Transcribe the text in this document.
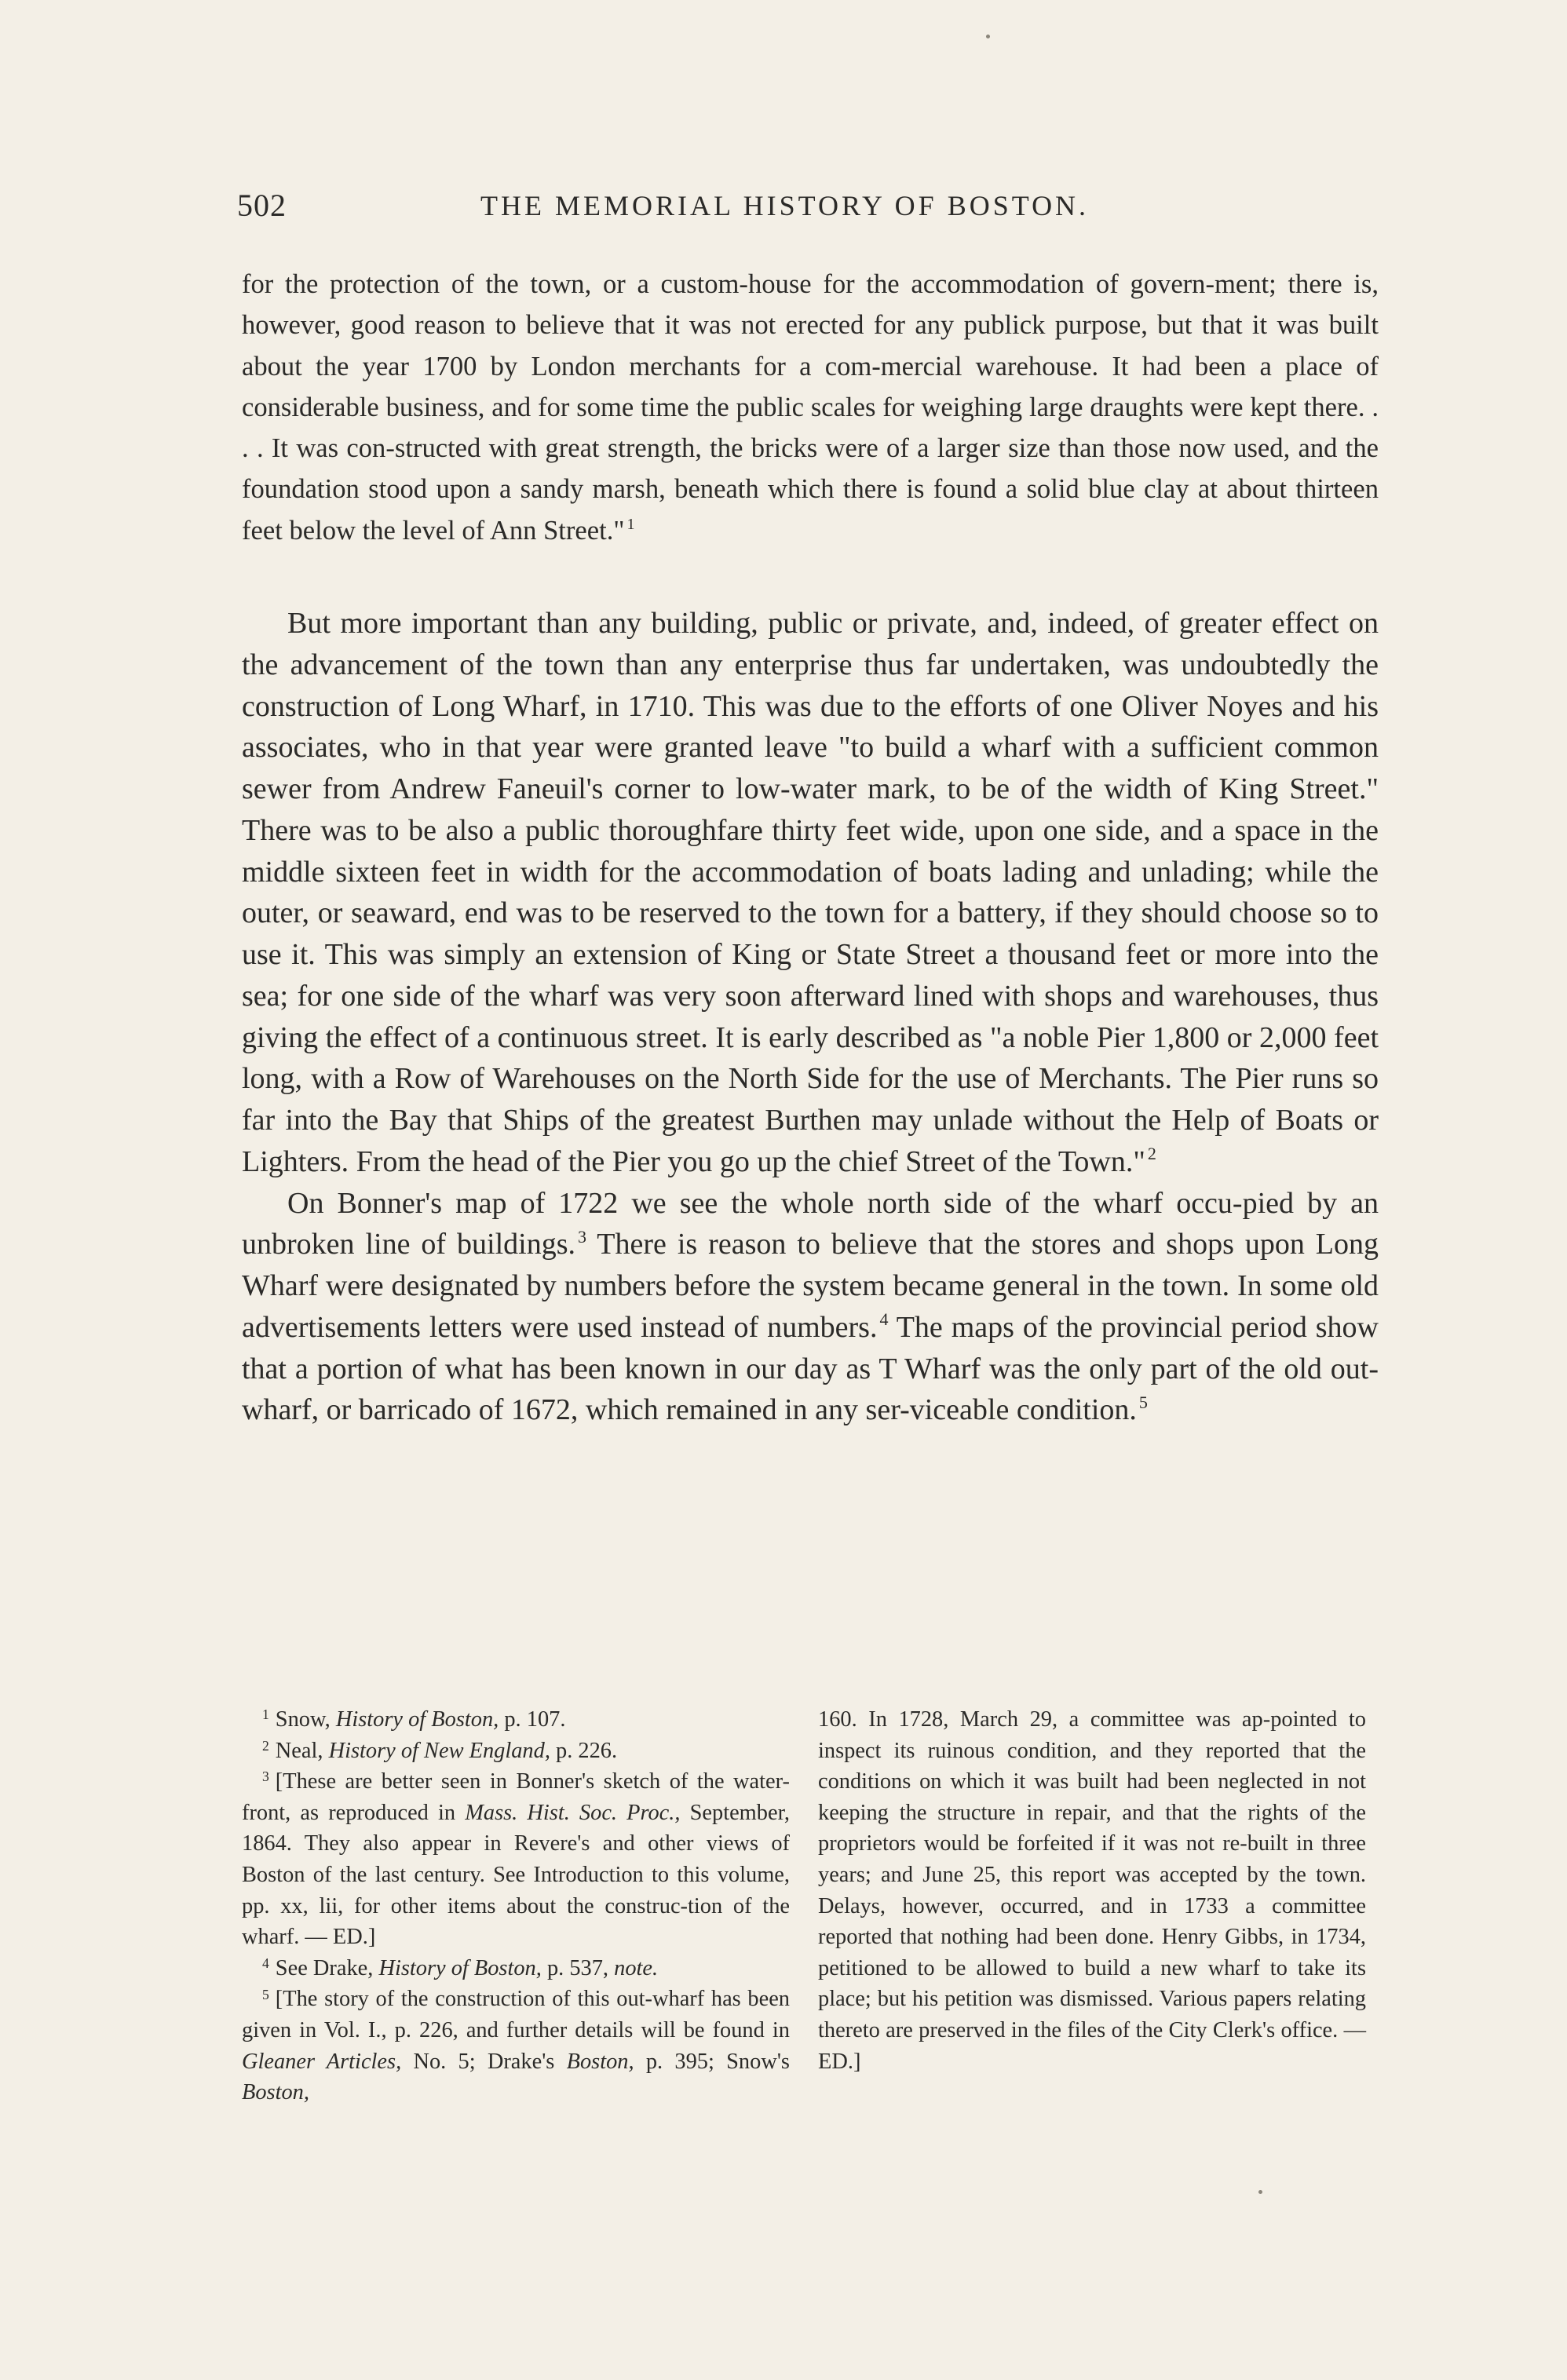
502	THE MEMORIAL HISTORY OF BOSTON.

for the protection of the town, or a custom-house for the accommodation of govern-ment; there is, however, good reason to believe that it was not erected for any publick purpose, but that it was built about the year 1700 by London merchants for a com-mercial warehouse. It had been a place of considerable business, and for some time the public scales for weighing large draughts were kept there. . . . It was con-structed with great strength, the bricks were of a larger size than those now used, and the foundation stood upon a sandy marsh, beneath which there is found a solid blue clay at about thirteen feet below the level of Ann Street." $^1$

But more important than any building, public or private, and, indeed, of greater effect on the advancement of the town than any enterprise thus far undertaken, was undoubtedly the construction of Long Wharf, in 1710. This was due to the efforts of one Oliver Noyes and his associates, who in that year were granted leave "to build a wharf with a sufficient common sewer from Andrew Faneuil's corner to low-water mark, to be of the width of King Street." There was to be also a public thoroughfare thirty feet wide, upon one side, and a space in the middle sixteen feet in width for the accommodation of boats lading and unlading; while the outer, or seaward, end was to be reserved to the town for a battery, if they should choose so to use it. This was simply an extension of King or State Street a thousand feet or more into the sea; for one side of the wharf was very soon afterward lined with shops and warehouses, thus giving the effect of a continuous street. It is early described as "a noble Pier 1,800 or 2,000 feet long, with a Row of Warehouses on the North Side for the use of Merchants. The Pier runs so far into the Bay that Ships of the greatest Burthen may unlade without the Help of Boats or Lighters. From the head of the Pier you go up the chief Street of the Town." $^2$

On Bonner's map of 1722 we see the whole north side of the wharf occu-pied by an unbroken line of buildings. $^3$ There is reason to believe that the stores and shops upon Long Wharf were designated by numbers before the system became general in the town. In some old advertisements letters were used instead of numbers. $^4$ The maps of the provincial period show that a portion of what has been known in our day as T Wharf was the only part of the old out-wharf, or barricado of 1672, which remained in any ser-viceable condition. $^5$

$^1$ Snow, History of Boston, p. 107.

$^2$ Neal, History of New England, p. 226.

$^3$ [These are better seen in Bonner's sketch of the water-front, as reproduced in Mass. Hist. Soc. Proc., September, 1864. They also appear in Revere's and other views of Boston of the last century. See Introduction to this volume, pp. xx, lii, for other items about the construc-tion of the wharf. — ED.]

$^4$ See Drake, History of Boston, p. 537, note.

$^5$ [The story of the construction of this out-wharf has been given in Vol. I., p. 226, and further details will be found in Gleaner Articles, No. 5; Drake's Boston, p. 395; Snow's Boston,

160. In 1728, March 29, a committee was ap-pointed to inspect its ruinous condition, and they reported that the conditions on which it was built had been neglected in not keeping the structure in repair, and that the rights of the proprietors would be forfeited if it was not re-built in three years; and June 25, this report was accepted by the town. Delays, however, occurred, and in 1733 a committee reported that nothing had been done. Henry Gibbs, in 1734, petitioned to be allowed to build a new wharf to take its place; but his petition was dismissed. Various papers relating thereto are preserved in the files of the City Clerk's office. — ED.]
